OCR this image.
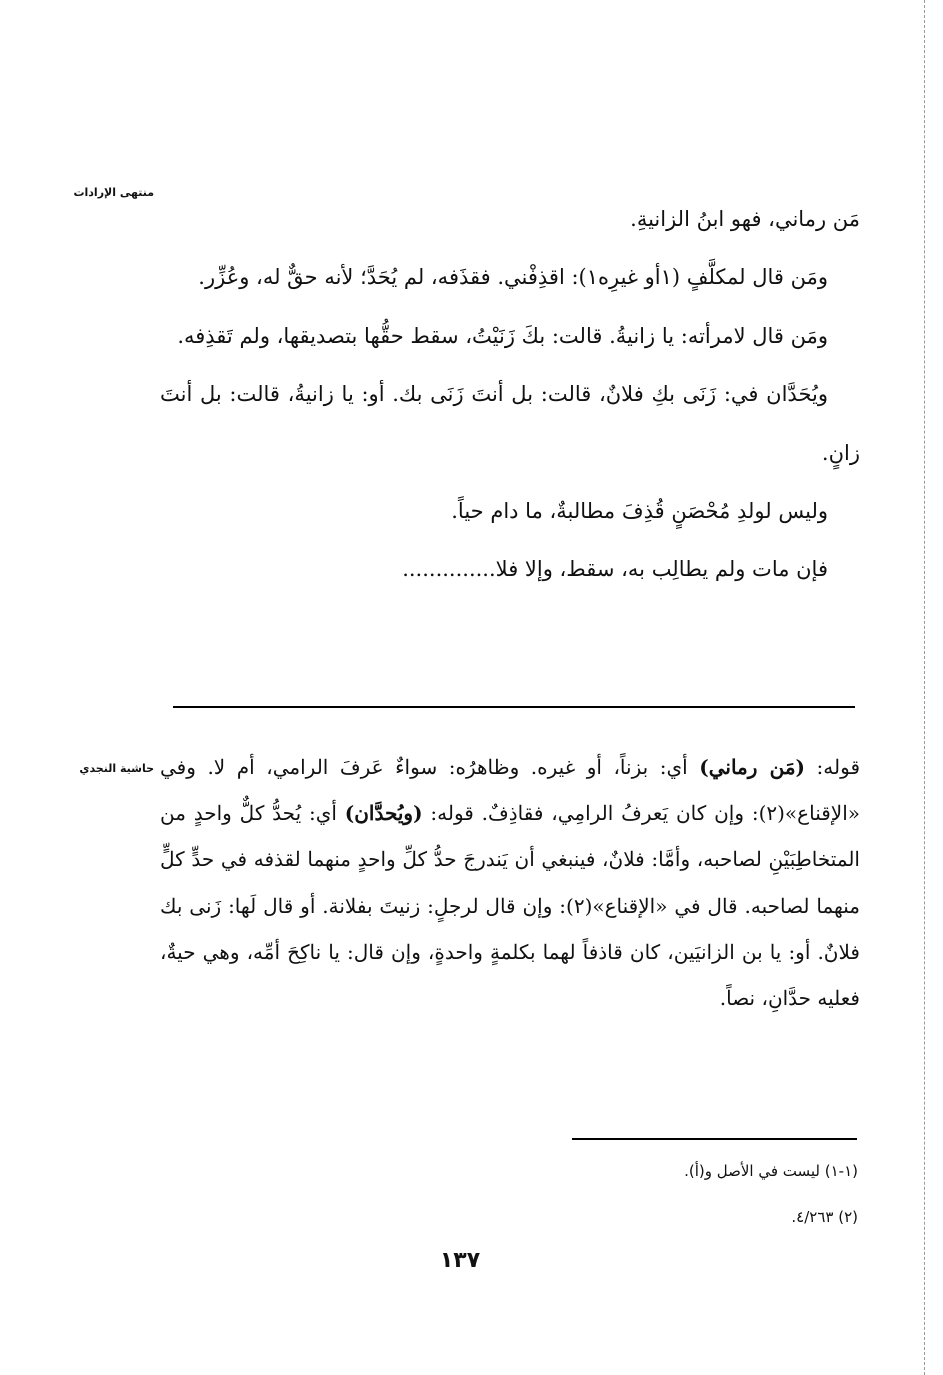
منتهى الإرادات
حاشية النجدي

مَن رماني، فهو ابنُ الزانيةِ.

ومَن قال لمكلَّفٍ (١أو غيرِه١): اقذِفْني. فقذَفه، لم يُحَدَّ؛ لأنه حقٌّ له، وعُزِّر.

ومَن قال لامرأته: يا زانيةُ. قالت: بكَ زَنَيْتُ، سقط حقُّها بتصديقها، ولم تَقذِفه.

ويُحَدَّان في: زَنَى بكِ فلانٌ، قالت: بل أنتَ زَنَى بك. أو: يا زانيةُ، قالت: بل أنتَ زانٍ.

وليس لولدِ مُحْصَنٍ قُذِفَ مطالبةٌ، ما دام حياً.

فإن مات ولم يطالِب به، سقط، وإلا فلا..............

قوله: (مَن رماني) أي: بزناً، أو غيره. وظاهرُه: سواءٌ عَرفَ الرامي، أم لا. وفي «الإقناع»(٢): وإن كان يَعرفُ الرامِي، فقاذِفٌ. قوله: (ويُحدَّان) أي: يُحدُّ كلٌّ واحدٍ من المتخاطِبَيْنِ لصاحبه، وأمَّا: فلانٌ، فينبغي أن يَندرجَ حدُّ كلِّ واحدٍ منهما لقذفه في حدٍّ كلٍّ منهما لصاحبه. قال في «الإقناع»(٢): وإن قال لرجلٍ: زنيتَ بفلانة. أو قال لَها: زَنى بك فلانٌ. أو: يا بن الزانيَين، كان قاذفاً لهما بكلمةٍ واحدةٍ، وإن قال: يا ناكِحَ أمِّه، وهي حيةٌ، فعليه حدَّانِ، نصاً.

(١-١) ليست في الأصل و(أ).
(٢) ٤/٢٦٣.
١٣٧
